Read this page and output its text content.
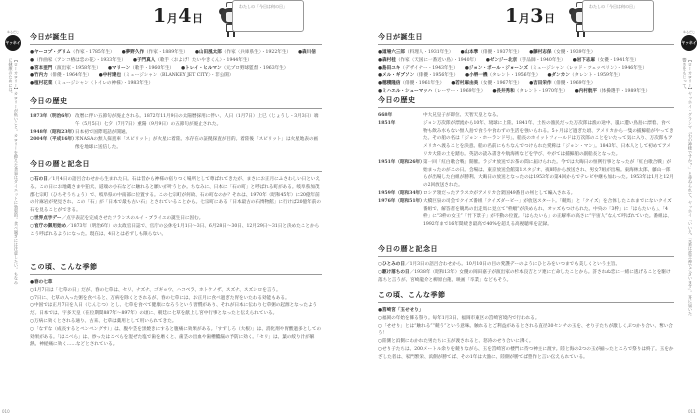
ゆるだじ
ヤッホイ
【ローカロリー】カロリーが低いこと。カロリーを抑えた食事はダイエットに効果的。食べ過ぎには注意したい。ちなみに健康のためには。
1月4日
わたしの「今日は何の日」
今日が誕生日
● ヤーコプ・グリム（作家・1785年生）	● 夢野久作（作家・1889年生）	● 山田風太郎（作家〈兵庫県生〉・1922年生）	● 森川信
● （作曲家〈アンコ椿は恋の花〉・1933年生）	● 子門真人（歌手〈およげ！たいやきくん〉・1944年生）
● 宮本亜門（演出家・1958年生）	● マリーン（歌手・1960年生）	● トレイ・ヒルマン（元プロ野球監督・1963年生）
● 竹内力（俳優・1964年生）	● 中村達也（ミュージシャン〈BLANKEY JET CITY〉・非公開）
● 植村花菜（ミュージシャン〈トイレの神様〉・1983年生）
今日の歴史
1873年（明治6年） 改暦に伴い五節句が廃止される。1872年11月9日の太陽暦採用に伴い、人日（1月7日）上巳（じょうし・3月3日）端午（5月5日）七夕（7月7日）重陽（9月9日）の五節句が廃止された。
1948年（昭和23年）
日本初で国際電話が開通。
2004年（平成16年）
米NASAの無人探査車「スピリット」が火星に着陸。水存在の証拠探査が目的。着陸後「スピリット」は火星地表の画像を地球に送信した。
今日の暦と記念日
○石の日／1月4日の語呂合わせから生まれた日。石は昔から神様の宿りつく場所として尊ばれてきたが、まさにお正月にふさわしい日といえる。この日にお地蔵さまや狛犬、道端の小石などに触れると願いが叶うとか。ちなみに、日本に「石の町」と呼ばれる町がある。岐阜県加茂郡七宗町（ひちそうちょう）で、岐阜県の中南部に位置する。この七宗町が何故、石の町なのか？それは、1970年（昭和45年）に20億年前の片麻岩が発見され、この「石」が「日本で最も古い石」とされていることから。七宗町にある「日本最古の石博物館」に行けば20億年前の石を見ることができる。
○世界点字デー／点字表記を完成させたフランスのルイ・ブライユの誕生日に因む。
○官庁の御用始め／1873年（明治6年）の太政官日誌で、官庁の公休を1月1日〜3日、6月28日〜30日、12月29日〜31日と決めたことからこう呼ばれるようになった。現在は、4日とは必ずしも限らない。
この頃、こんな季節
●春の七草
○1月7日は「七草の日」だが、春の七草は、セリ、ナズナ、ゴギョウ、ハコベラ、ホトケノザ、スズナ、スズシロを言う。
○7日に、七草の入った粥を食べると、万病を除くとされるが、春の七草には、お正月に食べ過ぎた胃をいたわる効能もある。
○中国では正月7日を人日（じんじつ）とし、七草を食べて健康になろうという習慣があり、それが日本に伝わり七草粥の起源となったようだ。日本では、宇多天皇（在位期間887年〜897年）の頃に、朝廷に七草を献上し宮中行事となったと伝えられている。
○万病に効くとされる通り、古来、七草は薬用として用いられてきた。
○「なずな（成長するとペンペングサ）」は、腹や茎を黒焼きにすると腹痛に効果がある。「すずしろ（大根）」は、消化剤や胃酸過多としての効果がある。「はこべら」は、炒ったはこべらを混ぜた塩で歯を磨くと、歯茎の出血や歯槽膿漏の予防に効く。「セリ」は、葉の絞り汁が解熱、神経痛に効く……などとされている。
010
1月3日
わたしの「今日は何の日」
今日が誕生日
● 道場六三郎（料理人・1931年生）	● 山本學（俳優・1937年生）	● 藤村志保（女優・1939年生）
● 森村桂（作家〈天国に一番近い島〉・1940年）	● ゼンジー北京（手品師・1940年生）	● 岩下志麻（女優・1941年生）
● 島田ユキ（デザイナー・1943年生）	● ジョン・ポール・ジョーンズ（ミュージシャン〈レッド・ツェッペリン〉・1946年生）
● メル・ギブソン（俳優・1956年生）	● 小堺一機（タレント・1956年生）	● ダンカン（タレント・1959年生）
● 穂積隆信（俳優・1961年生）	● 若村麻由美（女優・1967年生）	● 吉田栄作（俳優・1969年生）
● ミハエル・シューマッハ（レーサー・1969年生）	● 長井秀和（タレント・1970年生）	● 内村航平（体操選手・1989年生）
今日の歴史
668年	中大兄皇子が即位、天智天皇となる。
1851年	ジョン万次郎が漂流から10年、琉球に上陸。1841年、土佐の漁民だった万次郎は漁の途中、嵐に遭い鳥島に漂着、食べ物も飲み水もない無人島で食うや食わずの生活を強いられる。5ヶ月ほど過ぎた頃、アメリカから一隻の捕鯨船がやってきた。その船の名は「ジョン・ホーランド号」。船長のホイットフィールドは万次郎のことをいたって気に入り、万次郎もアメリカへ渡ることを決意。船の名前にもちなんでつけられた愛称は「ジョン・マン」。1843年、日本人として初めてアメリカ大陸の土を踏む。英語の読み書きや航海術などを学び、やがては捕鯨船の副船長となった。
1951年（昭和26年）
第一回「紅白歌合戦」開催。ラジオ放送でお茶の間に届けられた。今では大晦日の恒例行事となったが「紅白歌合戦」が始まったのがこの日。会場は、東京放送会館第1スタジオ、夜8時から放送され、男女7組が出場。東海林太郎、藤山一郎らが出場した白組が勝利。大晦日の放送となったのは1953年の第4回からでテレビ中継も加わった。1953年は1月と12月の2回放送された。
1959年（昭和34年）
ロシア領だったアラスカがアメリカ合衆国49番目の州として編入される。
1976年（昭和51年）
大橋巨泉の司会でクイズ番組「クイズダービー」が放送スタート。「競馬」と「クイズ」を合体したこれまでにないクイズ番組で、解答者を競馬の出走馬に見立て“枠順”が決められ、オッズもつけられた。中央の「3枠」に「はらたいら」、「4枠」に“3枠の女王”「竹下景子」が不動の位置。「はらたいら」の正解率の高さに“宇宙人”なんて呼ばれていた。番組は、1992年まで16年間続き最高で40%を超える高視聴率を記録。
今日の暦と記念日
○ひとみの日／1月3日の語呂合わせから。10月10日の目の愛護デーのようにひとみをいつまでも美しくという主旨。
○駆け落ちの日／1938年（昭和13年）女優の岡田嘉子が演出家の杉本良吉とソ連に亡命したことから。許されぬ恋に一緒に逃げることを駆け落ちと言うが、宮崎龍介と柳原白蓮、映画「卒業」などもそう。
この頃、こんな季節
●筥崎宮「玉せせり」
○福岡の年始を飾る祭り。毎年1月3日、福岡市東区の筥崎宮境内で行われる。
○「せせり」とは“触れる”“競う”という意味。触れるとご利益があるとされる直径30センチの玉を、せり子たちが激しくぶつかり合い、奪い合う！
○陸側と浜側にわかれた男たちに玉が渡されると、怒涛のせり合いに沸く。
○せり子たちは、200メートル余りを競りながら、玉を筥崎宮の楼門に待つ神主に渡す。陸と海の2つの玉が揃ったところで祭りは終了。玉をかざした者は、家門繁栄、浜側が勝てば、その1年は大漁に、陸側が勝てば豊作と言い伝えられている。
ゆるだじ
ヤッホイ
【ローカロリー】ヤッホイ・グランマ「石の神様ですか？」と尋ねられて、ヤッホイ「いいえ、元来は貧乏神でございます」。耳に届いた響きをもじって。
011
